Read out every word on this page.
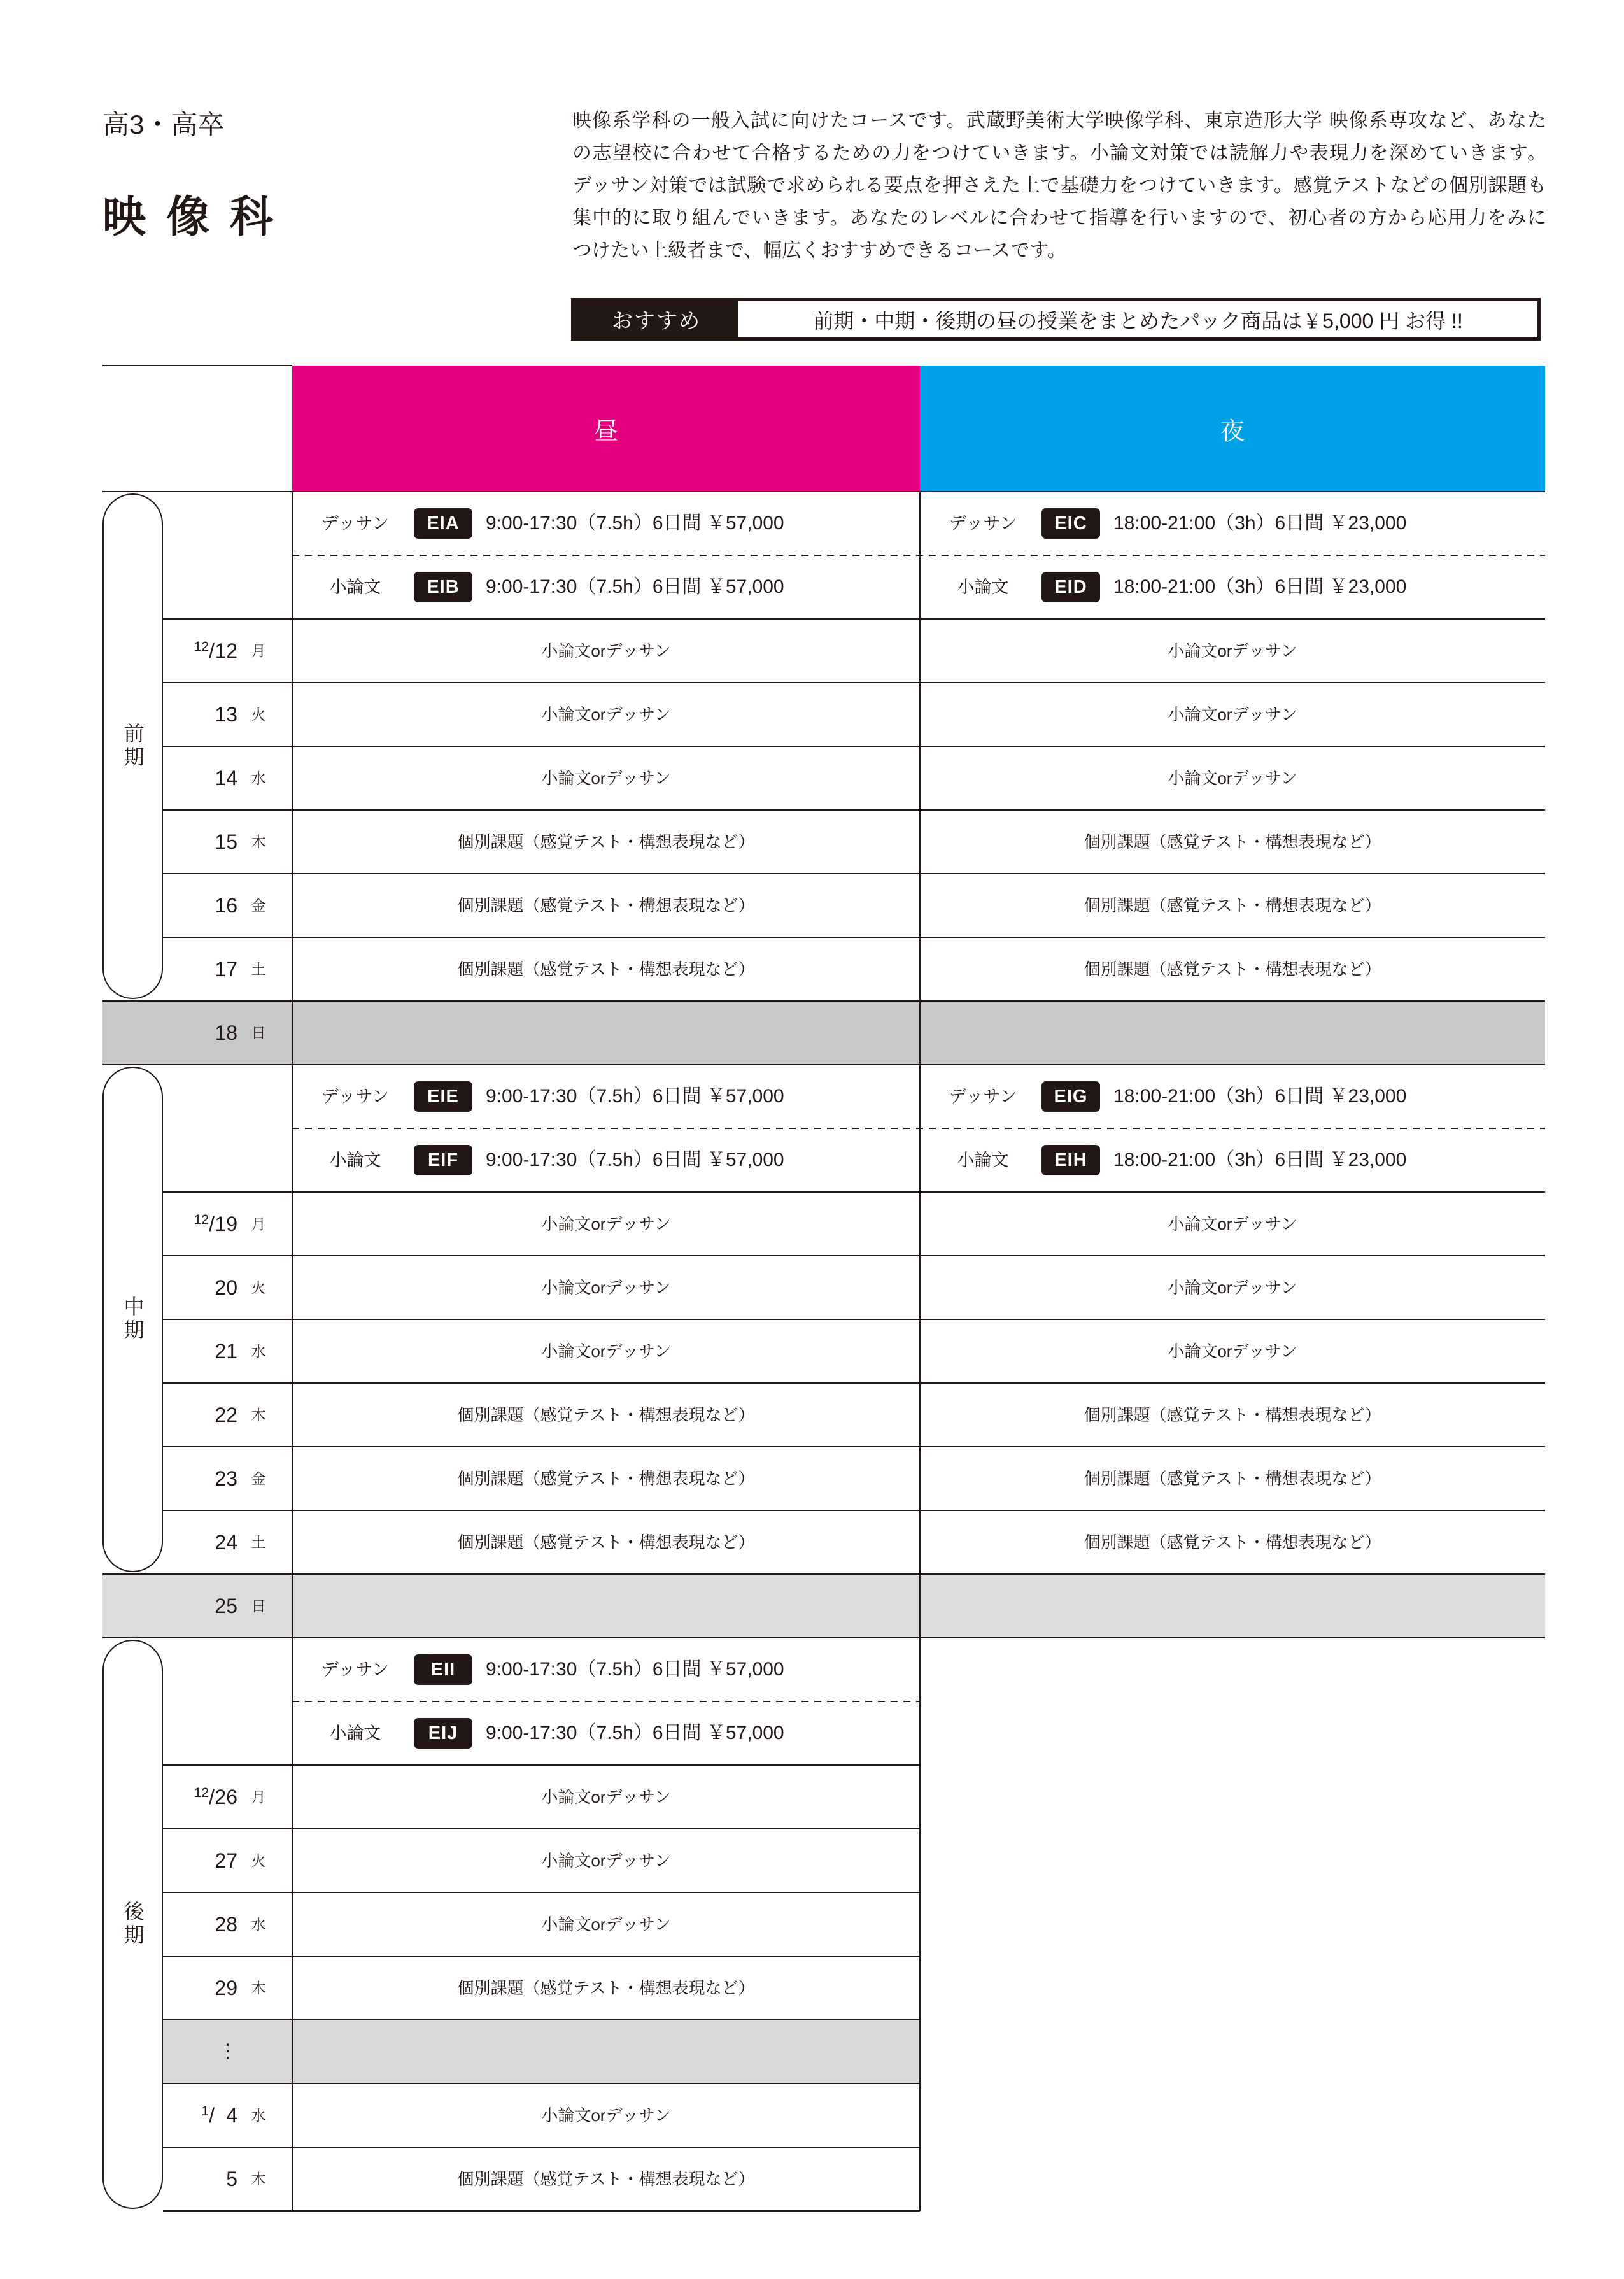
高3・高卒
映像科
映像系学科の一般入試に向けたコースです。武蔵野美術大学映像学科、東京造形大学 映像系専攻など、あなた
の志望校に合わせて合格するための力をつけていきます。小論文対策では読解力や表現力を深めていきます。
デッサン対策では試験で求められる要点を押さえた上で基礎力をつけていきます。感覚テストなどの個別課題も
集中的に取り組んでいきます。あなたのレベルに合わせて指導を行いますので、初心者の方から応用力をみに
つけたい上級者まで、幅広くおすすめできるコースです。
おすすめ	前期・中期・後期の昼の授業をまとめたパック商品は￥5,000 円 お得 !!
昼	夜
前期
デッサン	EIA	9:00-17:30（7.5h）6日間 ￥57,000	デッサン	EIC	18:00-21:00（3h）6日間 ￥23,000
小論文	EIB	9:00-17:30（7.5h）6日間 ￥57,000	小論文	EID	18:00-21:00（3h）6日間 ￥23,000
12/ 12 月	小論文orデッサン	小論文orデッサン
13 火	小論文orデッサン	小論文orデッサン
14 水	小論文orデッサン	小論文orデッサン
15 木	個別課題（感覚テスト・構想表現など）	個別課題（感覚テスト・構想表現など）
16 金	個別課題（感覚テスト・構想表現など）	個別課題（感覚テスト・構想表現など）
17 土	個別課題（感覚テスト・構想表現など）	個別課題（感覚テスト・構想表現など）
18 日
中期
デッサン	EIE	9:00-17:30（7.5h）6日間 ￥57,000	デッサン	EIG	18:00-21:00（3h）6日間 ￥23,000
小論文	EIF	9:00-17:30（7.5h）6日間 ￥57,000	小論文	EIH	18:00-21:00（3h）6日間 ￥23,000
12/ 19 月	小論文orデッサン	小論文orデッサン
20 火	小論文orデッサン	小論文orデッサン
21 水	小論文orデッサン	小論文orデッサン
22 木	個別課題（感覚テスト・構想表現など）	個別課題（感覚テスト・構想表現など）
23 金	個別課題（感覚テスト・構想表現など）	個別課題（感覚テスト・構想表現など）
24 土	個別課題（感覚テスト・構想表現など）	個別課題（感覚テスト・構想表現など）
25 日
後期
デッサン	EII	9:00-17:30（7.5h）6日間 ￥57,000
小論文	EIJ	9:00-17:30（7.5h）6日間 ￥57,000
12/ 26 月	小論文orデッサン
27 火	小論文orデッサン
28 水	小論文orデッサン
29 木	個別課題（感覚テスト・構想表現など）
⋮
1/ 4 水	小論文orデッサン
5 木	個別課題（感覚テスト・構想表現など）
